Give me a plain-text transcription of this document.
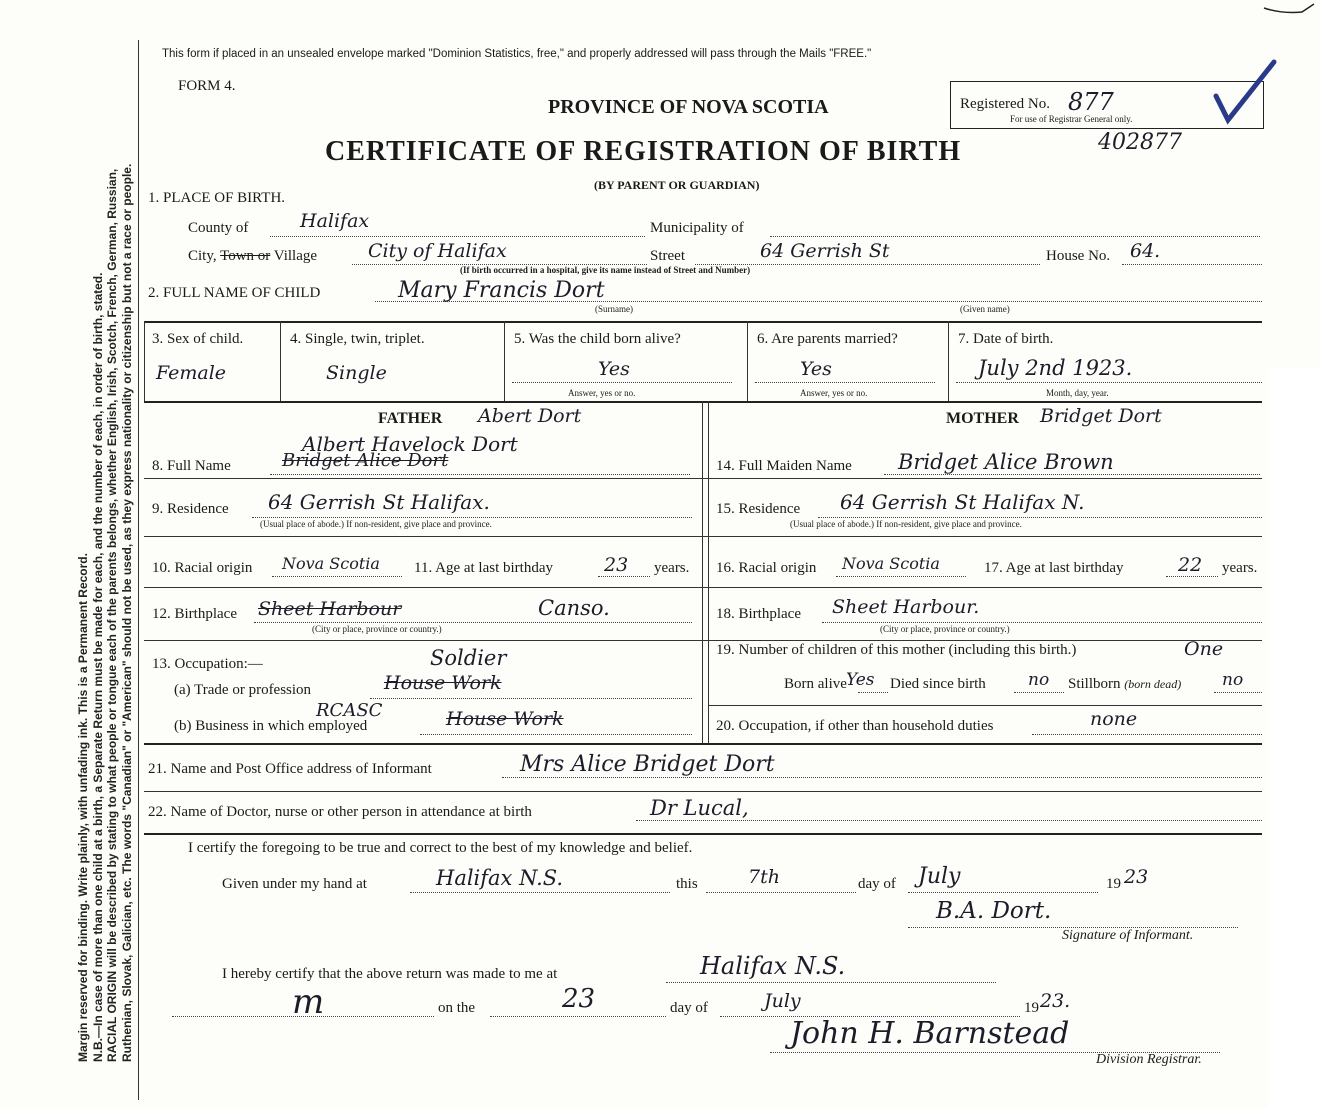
Margin reserved for binding. Write plainly, with unfading ink. This is a Permanent Record. N.B.—In case of more than one child at a birth, a Separate Return must be made for each, and the number of each, in order of birth, stated. RACIAL ORIGIN will be described by stating to what people or tongue each of the parents belongs, whether English, Irish, Scotch, French, German, Russian, Ruthenian, Slovak, Galician, etc. The words "Canadian" or "American" should not be used, as they express nationality or citizenship but not a race or people.
This form if placed in an unsealed envelope marked "Dominion Statistics, free," and properly addressed will pass through the Mails "FREE."
FORM 4.
PROVINCE OF NOVA SCOTIA
CERTIFICATE OF REGISTRATION OF BIRTH
(BY PARENT OR GUARDIAN)
402877
Registered No. 877
For use of Registrar General only.
1. PLACE OF BIRTH.
County of	Halifax	Municipality of
City, Town or Village	City of Halifax	Street	64 Gerrish St
(If birth occurred in a hospital, give its name instead of Street and Number)
House No. 64.
2. FULL NAME OF CHILD	Mary Francis Dort
(Surname)	(Given name)
3. Sex of child.
Female
4. Single, twin, triplet.
Single
5. Was the child born alive?
Yes
Answer, yes or no.
6. Are parents married?
Yes
Answer, yes or no.
7. Date of birth.
July 2nd 1923.
Month, day, year.
FATHER Abert Dort
Albert Havelock Dort
8. Full Name	Bridget Alice Dort
9. Residence 64 Gerrish St Halifax.
(Usual place of abode.) If non-resident, give place and province.
10. Racial origin Nova Scotia 11. Age at last birthday	23 years.
12. Birthplace Sheet Harbour	Canso.
(City or place, province or country.)
13. Occupation:—	Soldier
(a) Trade or profession	House Work
(b) Business in which employed
RCASC	House Work
MOTHER Bridget Dort
14. Full Maiden Name Bridget Alice Brown
15. Residence 64 Gerrish St Halifax N.
(Usual place of abode.) If non-resident, give place and province.
16. Racial origin Nova Scotia	17. Age at last birthday	22 years.
18. Birthplace Sheet Harbour.
(City or place, province or country.)
19. Number of children of this mother (including this birth.)	One
Born alive Yes Died since birth no Stillborn (born dead) no
20. Occupation, if other than household duties	none
21. Name and Post Office address of Informant	Mrs Alice Bridget Dort
22. Name of Doctor, nurse or other person in attendance at birth	Dr Lucal,
I certify the foregoing to be true and correct to the best of my knowledge and belief.
Given under my hand at	Halifax N.S.	this	7th	day of July	19 23
B.A. Dort.
Signature of Informant.
I hereby certify that the above return was made to me at	Halifax N.S.
m	on the	23	day of	July	19 23.
John H. Barnstead
Division Registrar.
